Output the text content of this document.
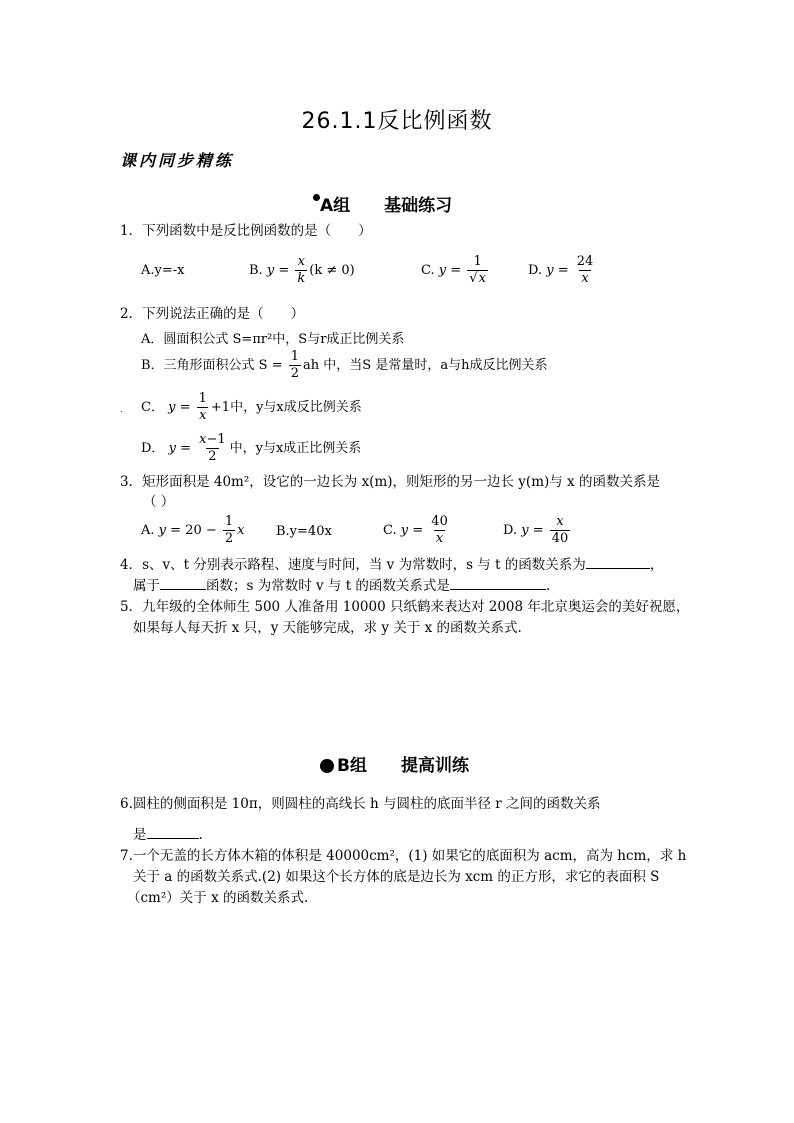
26.1.1反比例函数
课内同步精练
A组 基础练习
1．下列函数中是反比例函数的是（　　）
A.y=-x	B. $y = \frac{x}{k} (k \ne 0)$	C. $y = \frac{1}{√x}$	D. $y = \frac{24}{x}$
2．下列说法正确的是（　　）
A．圆面积公式 S=πr²中，S与r成正比例关系
B．三角形面积公式 $S = \frac{1}{2}$ ah 中，当S 是常量时，a与h成反比例关系
. C． $y = \frac{1}{x} +1$中，y与x成反比例关系
D． $y = \frac{x-1}{2}$ 中，y与x成正比例关系
3．矩形面积是 40m²，设它的一边长为 x(m)，则矩形的另一边长 y(m)与 x 的函数关系是
（ ）
A. $y = 20 - \frac{1}{2}$ x B.y=40x	C. $y = \frac{40}{x}$	D. $y = \frac{x}{40}$
4．s、v、t 分别表示路程、速度与时间，当 v 为常数时，s 与 t 的函数关系为	，
属于	函数；s 为常数时 v 与 t 的函数关系式是	.
5．九年级的全体师生 500 人准备用 10000 只纸鹤来表达对 2008 年北京奥运会的美好祝愿，
如果每人每天折 x 只，y 天能够完成，求 y 关于 x 的函数关系式.
B组 提高训练
6.圆柱的侧面积是 10π，则圆柱的高线长 h 与圆柱的底面半径 r 之间的函数关系
是	.
7.一个无盖的长方体木箱的体积是 40000cm²，(1) 如果它的底面积为 acm，高为 hcm，求 h
关于 a 的函数关系式.(2) 如果这个长方体的底是边长为 xcm 的正方形，求它的表面积 S
（cm²）关于 x 的函数关系式.
